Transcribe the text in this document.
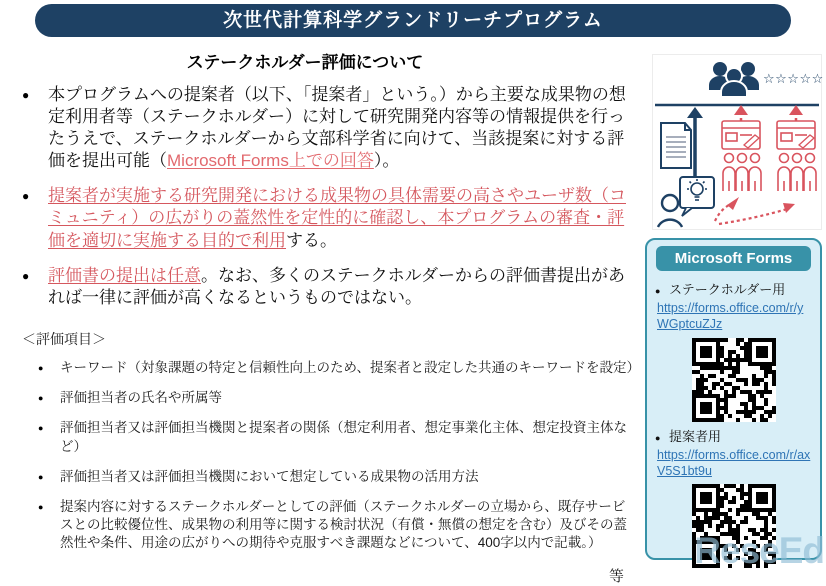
次世代計算科学グランドリーチプログラム
ステークホルダー評価について
●	本プログラムへの提案者（以下、「提案者」という。）から主要な成果物の想定利用者等（ステークホルダー）に対して研究開発内容等の情報提供を行ったうえで、ステークホルダーから文部科学省に向けて、当該提案に対する評価を提出可能（Microsoft Forms上での回答）。

●	提案者が実施する研究開発における成果物の具体需要の高さやユーザ数（コミュニティ）の広がりの蓋然性を定性的に確認し、本プログラムの審査・評価を適切に実施する目的で利用する。

●	評価書の提出は任意。なお、多くのステークホルダーからの評価書提出があれば一律に評価が高くなるというものではない。

＜評価項目＞
●	キーワード（対象課題の特定と信頼性向上のため、提案者と設定した共通のキーワードを設定）

●	評価担当者の氏名や所属等

●	評価担当者又は評価担当機関と提案者の関係（想定利用者、想定事業化主体、想定投資主体など）

●	評価担当者又は評価担当機関において想定している成果物の活用方法

●	提案内容に対するステークホルダーとしての評価（ステークホルダーの立場から、既存サービスとの比較優位性、成果物の利用等に関する検討状況（有償・無償の想定を含む）及びその蓋然性や条件、用途の広がりへの期待や克服すべき課題などについて、400字以内で記載。）

等
☆☆☆☆☆
Microsoft Forms
● ステークホルダー用
https://forms.office.com/r/yWGptcuZJz
● 提案者用
https://forms.office.com/r/axV5S1bt9u
ReseEd
